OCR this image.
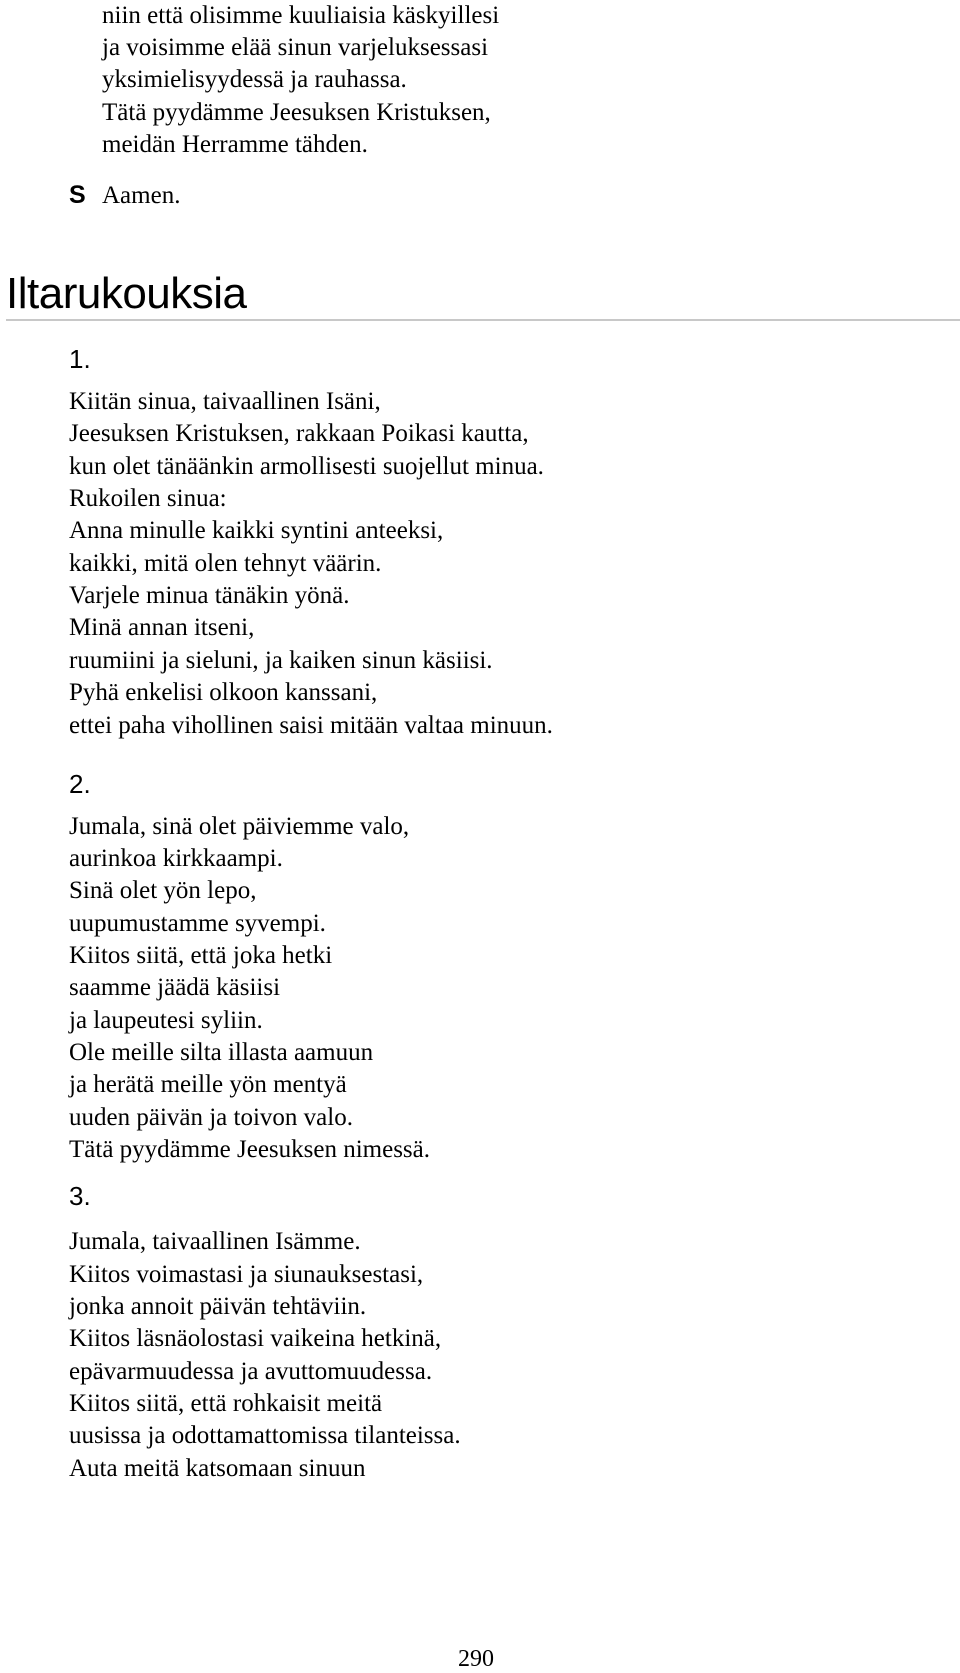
niin että olisimme kuuliaisia käskyillesi
ja voisimme elää sinun varjeluksessasi
yksimielisyydessä ja rauhassa.
Tätä pyydämme Jeesuksen Kristuksen,
meidän Herramme tähden.
S Aamen.
Iltarukouksia
1.
Kiitän sinua, taivaallinen Isäni,
Jeesuksen Kristuksen, rakkaan Poikasi kautta,
kun olet tänäänkin armollisesti suojellut minua.
Rukoilen sinua:
Anna minulle kaikki syntini anteeksi,
kaikki, mitä olen tehnyt väärin.
Varjele minua tänäkin yönä.
Minä annan itseni,
ruumiini ja sieluni, ja kaiken sinun käsiisi.
Pyhä enkelisi olkoon kanssani,
ettei paha vihollinen saisi mitään valtaa minuun.
2.
Jumala, sinä olet päiviemme valo,
aurinkoa kirkkaampi.
Sinä olet yön lepo,
uupumustamme syvempi.
Kiitos siitä, että joka hetki
saamme jäädä käsiisi
ja laupeutesi syliin.
Ole meille silta illasta aamuun
ja herätä meille yön mentyä
uuden päivän ja toivon valo.
Tätä pyydämme Jeesuksen nimessä.
3.
Jumala, taivaallinen Isämme.
Kiitos voimastasi ja siunauksestasi,
jonka annoit päivän tehtäviin.
Kiitos läsnäolostasi vaikeina hetkinä,
epävarmuudessa ja avuttomuudessa.
Kiitos siitä, että rohkaisit meitä
uusissa ja odottamattomissa tilanteissa.
Auta meitä katsomaan sinuun
290
